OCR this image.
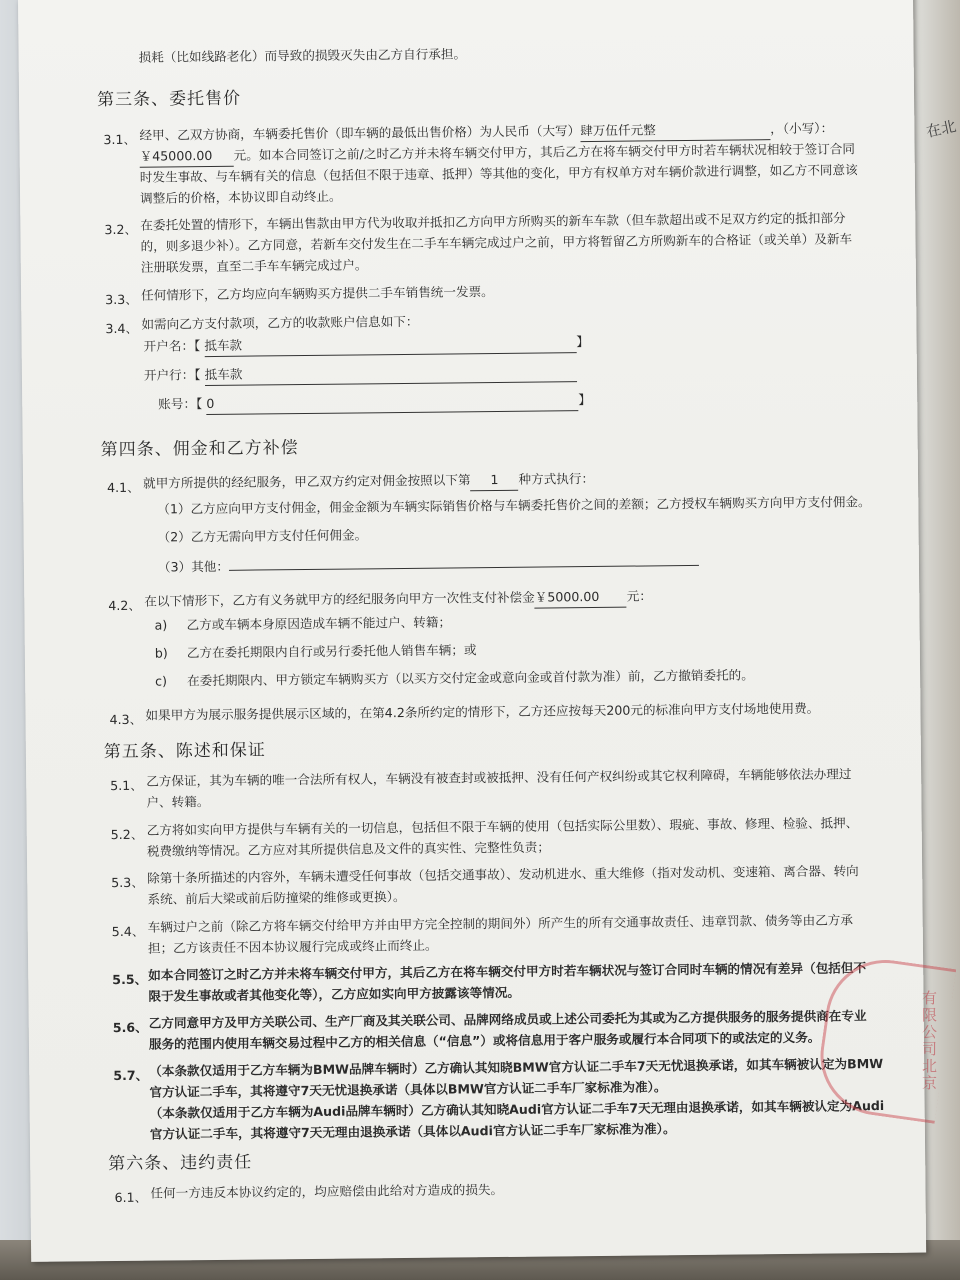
在北
损耗（比如线路老化）而导致的损毁灭失由乙方自行承担。
第三条、委托售价
3.1、 经甲、乙双方协商，车辆委托售价（即车辆的最低出售价格）为人民币（大写）肆万伍仟元整	，（小写）：
￥45000.00 元。如本合同签订之前/之时乙方并未将车辆交付甲方，其后乙方在将车辆交付甲方时若车辆状况相较于签订合同
时发生事故、与车辆有关的信息（包括但不限于违章、抵押）等其他的变化，甲方有权单方对车辆价款进行调整，如乙方不同意该
调整后的价格，本协议即自动终止。
3.2、 在委托处置的情形下，车辆出售款由甲方代为收取并抵扣乙方向甲方所购买的新车车款（但车款超出或不足双方约定的抵扣部分
的，则多退少补）。乙方同意，若新车交付发生在二手车车辆完成过户之前，甲方将暂留乙方所购新车的合格证（或关单）及新车
注册联发票，直至二手车车辆完成过户。
3.3、 任何情形下，乙方均应向车辆购买方提供二手车销售统一发票。
3.4、 如需向乙方支付款项，乙方的收款账户信息如下：
开户名：【 抵车款	】
开户行：【 抵车款
账号：【 0	】
第四条、佣金和乙方补偿
4.1、 就甲方所提供的经纪服务，甲乙双方约定对佣金按照以下第 1 种方式执行：
（1）乙方应向甲方支付佣金，佣金金额为车辆实际销售价格与车辆委托售价之间的差额；乙方授权车辆购买方向甲方支付佣金。
（2）乙方无需向甲方支付任何佣金。
（3）其他：
4.2、 在以下情形下，乙方有义务就甲方的经纪服务向甲方一次性支付补偿金￥5000.00 元：
a) 乙方或车辆本身原因造成车辆不能过户、转籍；
b) 乙方在委托期限内自行或另行委托他人销售车辆；或
c) 在委托期限内、甲方锁定车辆购买方（以买方交付定金或意向金或首付款为准）前，乙方撤销委托的。
4.3、 如果甲方为展示服务提供展示区域的，在第4.2条所约定的情形下，乙方还应按每天200元的标准向甲方支付场地使用费。
第五条、陈述和保证
5.1、 乙方保证，其为车辆的唯一合法所有权人，车辆没有被查封或被抵押、没有任何产权纠纷或其它权利障碍，车辆能够依法办理过
户、转籍。
5.2、 乙方将如实向甲方提供与车辆有关的一切信息，包括但不限于车辆的使用（包括实际公里数）、瑕疵、事故、修理、检验、抵押、
税费缴纳等情况。乙方应对其所提供信息及文件的真实性、完整性负责；
5.3、 除第十条所描述的内容外，车辆未遭受任何事故（包括交通事故）、发动机进水、重大维修（指对发动机、变速箱、离合器、转向
系统、前后大梁或前后防撞梁的维修或更换）。
5.4、 车辆过户之前（除乙方将车辆交付给甲方并由甲方完全控制的期间外）所产生的所有交通事故责任、违章罚款、债务等由乙方承
担；乙方该责任不因本协议履行完成或终止而终止。
5.5、 如本合同签订之时乙方并未将车辆交付甲方，其后乙方在将车辆交付甲方时若车辆状况与签订合同时车辆的情况有差异（包括但不
限于发生事故或者其他变化等），乙方应如实向甲方披露该等情况。
5.6、 乙方同意甲方及甲方关联公司、生产厂商及其关联公司、品牌网络成员或上述公司委托为其或为乙方提供服务的服务提供商在专业
服务的范围内使用车辆交易过程中乙方的相关信息（“信息”）或将信息用于客户服务或履行本合同项下的或法定的义务。
5.7、 （本条款仅适用于乙方车辆为BMW品牌车辆时）乙方确认其知晓BMW官方认证二手车7天无忧退换承诺，如其车辆被认定为BMW
官方认证二手车，其将遵守7天无忧退换承诺（具体以BMW官方认证二手车厂家标准为准）。
（本条款仅适用于乙方车辆为Audi品牌车辆时）乙方确认其知晓Audi官方认证二手车7天无理由退换承诺，如其车辆被认定为Audi
官方认证二手车，其将遵守7天无理由退换承诺（具体以Audi官方认证二手车厂家标准为准）。
第六条、违约责任
6.1、 任何一方违反本协议约定的，均应赔偿由此给对方造成的损失。
有限公司北京
